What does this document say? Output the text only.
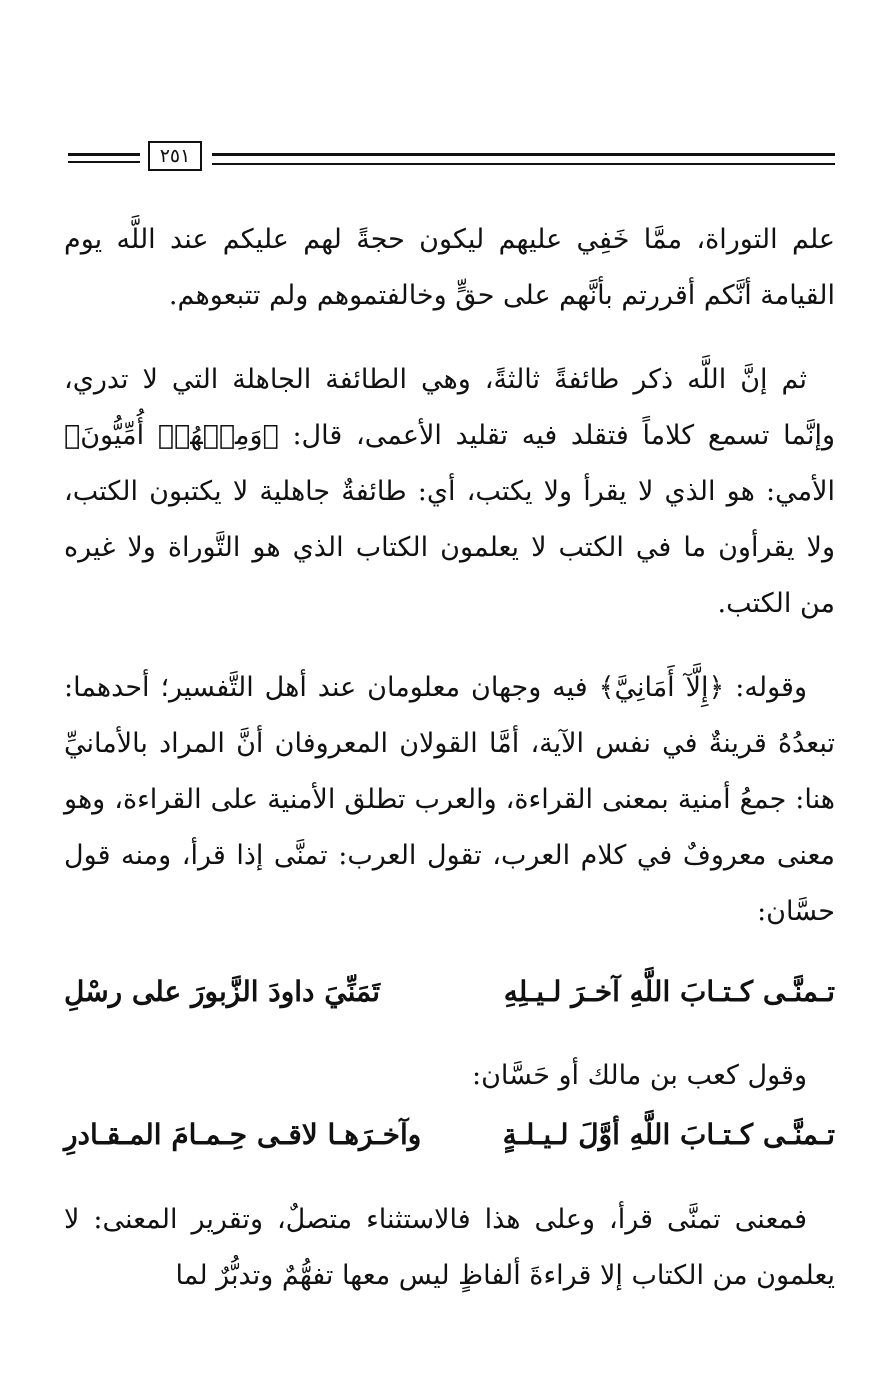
٢٥١
علم التوراة، ممَّا خَفِي عليهم ليكون حجةً لهم عليكم عند اللَّه يوم القيامة أنَّكم أقررتم بأنَّهم على حقٍّ وخالفتموهم ولم تتبعوهم.
ثم إنَّ اللَّه ذكر طائفةً ثالثةً، وهي الطائفة الجاهلة التي لا تدري، وإنَّما تسمع كلاماً فتقلد فيه تقليد الأعمى، قال: ﴿وَمِنۡهُمۡ أُمِّيُّونَ﴾ الأمي: هو الذي لا يقرأ ولا يكتب، أي: طائفةٌ جاهلية لا يكتبون الكتب، ولا يقرأون ما في الكتب لا يعلمون الكتاب الذي هو التَّوراة ولا غيره من الكتب.
وقوله: ﴿إِلَّآ أَمَانِيَّ﴾ فيه وجهان معلومان عند أهل التَّفسير؛ أحدهما: تبعدُهُ قرينةٌ في نفس الآية، أمَّا القولان المعروفان أنَّ المراد بالأمانيِّ هنا: جمعُ أمنية بمعنى القراءة، والعرب تطلق الأمنية على القراءة، وهو معنى معروفٌ في كلام العرب، تقول العرب: تمنَّى إذا قرأ، ومنه قول حسَّان:
تـمنَّـى كـتـابَ اللَّهِ آخـرَ لـيـلِهِ
تَمَنِّيَ داودَ الزَّبورَ على رسْلِ
وقول كعب بن مالك أو حَسَّان:
تـمنَّـى كـتـابَ اللَّهِ أوَّلَ لـيـلـةٍ
وآخـرَهـا لاقـى حِـمـامَ المـقـادرِ
فمعنى تمنَّى قرأ، وعلى هذا فالاستثناء متصلٌ، وتقرير المعنى: لا يعلمون من الكتاب إلا قراءةَ ألفاظٍ ليس معها تفهُّمٌ وتدبُّرٌ لما
